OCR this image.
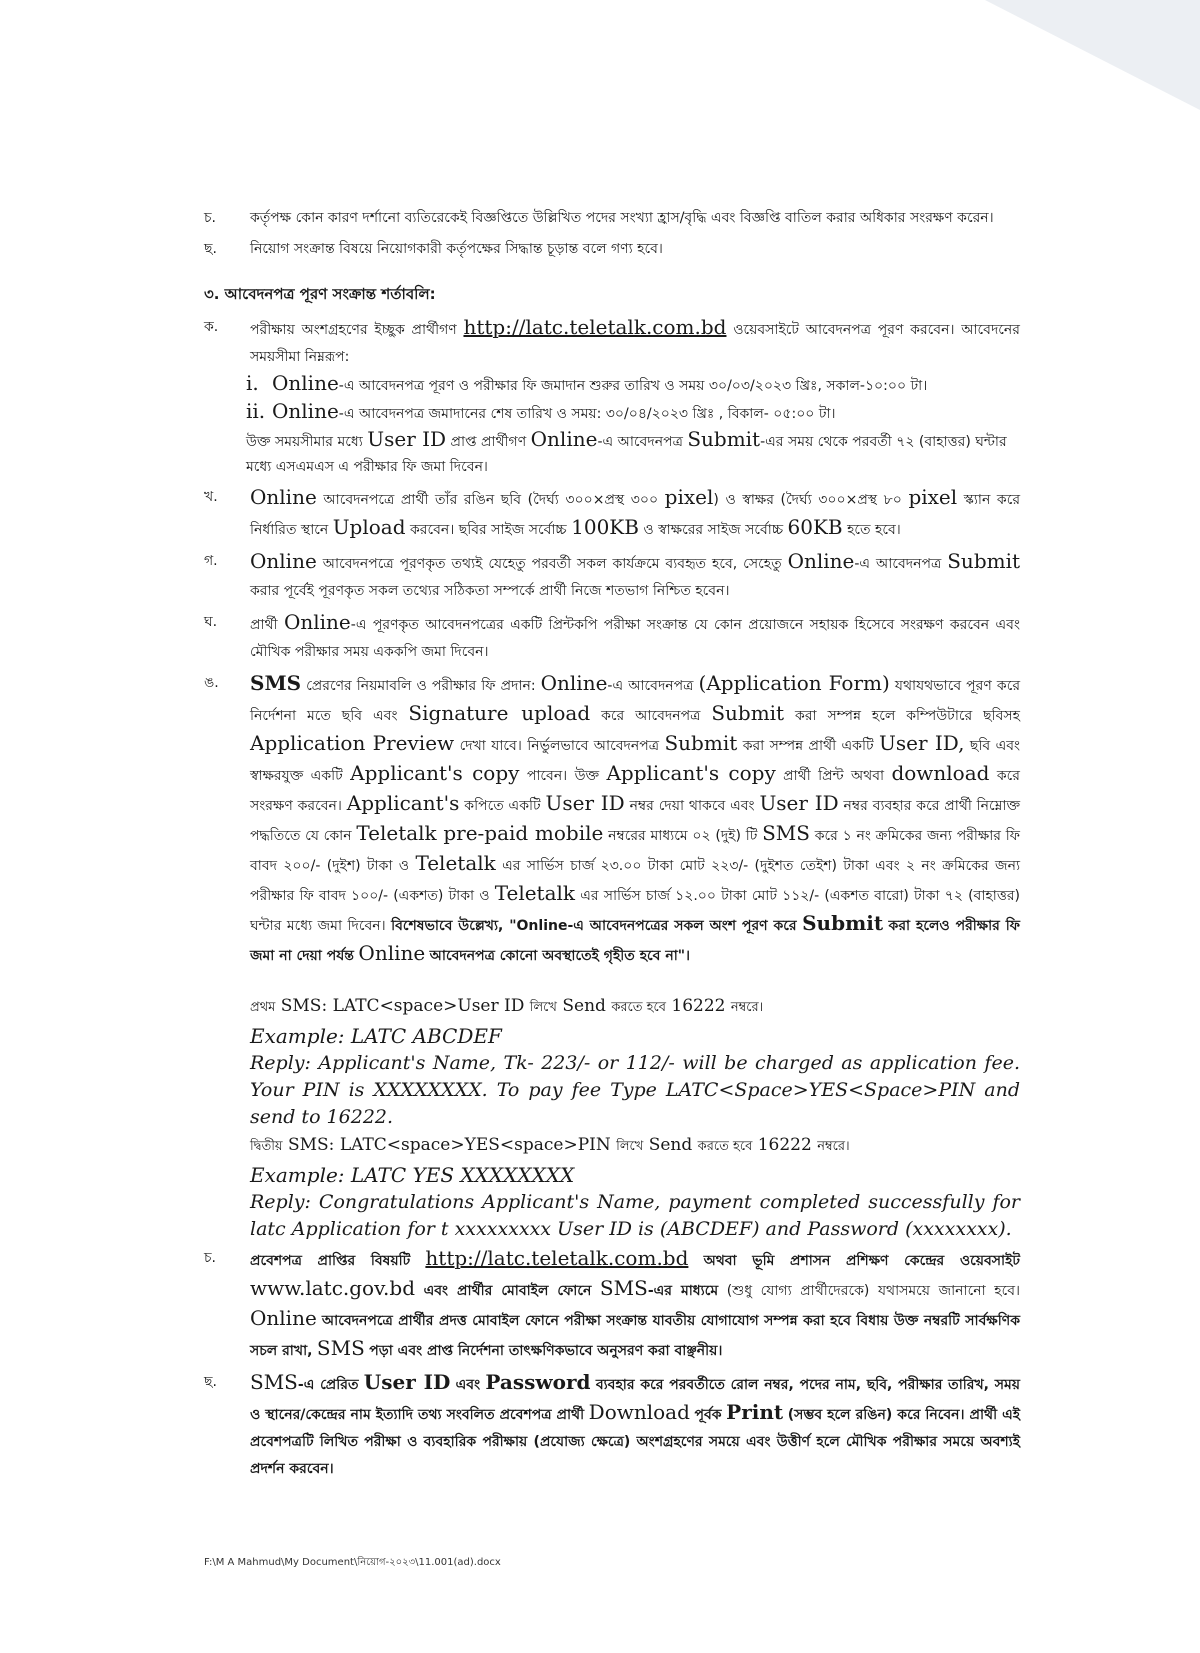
চ.	কর্তৃপক্ষ কোন কারণ দর্শানো ব্যতিরেকেই বিজ্ঞপ্তিতে উল্লিখিত পদের সংখ্যা হ্রাস/বৃদ্ধি এবং বিজ্ঞপ্তি বাতিল করার অধিকার সংরক্ষণ করেন।
ছ.	নিয়োগ সংক্রান্ত বিষয়ে নিয়োগকারী কর্তৃপক্ষের সিদ্ধান্ত চূড়ান্ত বলে গণ্য হবে।
৩. আবেদনপত্র পূরণ সংক্রান্ত শর্তাবলি:
ক.	পরীক্ষায় অংশগ্রহণের ইচ্ছুক প্রার্থীগণ http://latc.teletalk.com.bd ওয়েবসাইটে আবেদনপত্র পূরণ করবেন। আবেদনের সময়সীমা নিম্নরূপ:
i. Online-এ আবেদনপত্র পূরণ ও পরীক্ষার ফি জমাদান শুরুর তারিখ ও সময় ৩০/০৩/২০২৩ খ্রিঃ, সকাল-১০:০০ টা।
ii. Online-এ আবেদনপত্র জমাদানের শেষ তারিখ ও সময়: ৩০/০৪/২০২৩ খ্রিঃ , বিকাল- ০৫:০০ টা।
উক্ত সময়সীমার মধ্যে User ID প্রাপ্ত প্রার্থীগণ Online-এ আবেদনপত্র Submit-এর সময় থেকে পরবর্তী ৭২ (বাহাত্তর) ঘন্টার মধ্যে এসএমএস এ পরীক্ষার ফি জমা দিবেন।
খ.	Online আবেদনপত্রে প্রার্থী তাঁর রঙিন ছবি (দৈর্ঘ্য ৩০০×প্রস্থ ৩০০ pixel) ও স্বাক্ষর (দৈর্ঘ্য ৩০০×প্রস্থ ৮০ pixel স্ক্যান করে নির্ধারিত স্থানে Upload করবেন। ছবির সাইজ সর্বোচ্চ 100KB ও স্বাক্ষরের সাইজ সর্বোচ্চ 60KB হতে হবে।
গ.	Online আবেদনপত্রে পূরণকৃত তথ্যই যেহেতু পরবর্তী সকল কার্যক্রমে ব্যবহৃত হবে, সেহেতু Online-এ আবেদনপত্র Submit করার পূর্বেই পূরণকৃত সকল তথ্যের সঠিকতা সম্পর্কে প্রার্থী নিজে শতভাগ নিশ্চিত হবেন।
ঘ.	প্রার্থী Online-এ পূরণকৃত আবেদনপত্রের একটি প্রিন্টকপি পরীক্ষা সংক্রান্ত যে কোন প্রয়োজনে সহায়ক হিসেবে সংরক্ষণ করবেন এবং মৌখিক পরীক্ষার সময় এককপি জমা দিবেন।
ঙ.	SMS প্রেরণের নিয়মাবলি ও পরীক্ষার ফি প্রদান: Online-এ আবেদনপত্র (Application Form) যথাযথভাবে পূরণ করে নির্দেশনা মতে ছবি এবং Signature upload করে আবেদনপত্র Submit করা সম্পন্ন হলে কম্পিউটারে ছবিসহ Application Preview দেখা যাবে। নির্ভুলভাবে আবেদনপত্র Submit করা সম্পন্ন প্রার্থী একটি User ID, ছবি এবং স্বাক্ষরযুক্ত একটি Applicant's copy পাবেন। উক্ত Applicant's copy প্রার্থী প্রিন্ট অথবা download করে সংরক্ষণ করবেন। Applicant's কপিতে একটি User ID নম্বর দেয়া থাকবে এবং User ID নম্বর ব্যবহার করে প্রার্থী নিম্নোক্ত পদ্ধতিতে যে কোন Teletalk pre-paid mobile নম্বরের মাধ্যমে ০২ (দুই) টি SMS করে ১ নং ক্রমিকের জন্য পরীক্ষার ফি বাবদ ২০০/- (দুইশ) টাকা ও Teletalk এর সার্ভিস চার্জ ২৩.০০ টাকা মোট ২২৩/- (দুইশত তেইশ) টাকা এবং ২ নং ক্রমিকের জন্য পরীক্ষার ফি বাবদ ১০০/- (একশত) টাকা ও Teletalk এর সার্ভিস চার্জ ১২.০০ টাকা মোট ১১২/- (একশত বারো) টাকা ৭২ (বাহাত্তর) ঘন্টার মধ্যে জমা দিবেন। বিশেষভাবে উল্লেখ্য, "Online-এ আবেদনপত্রের সকল অংশ পূরণ করে Submit করা হলেও পরীক্ষার ফি জমা না দেয়া পর্যন্ত Online আবেদনপত্র কোনো অবস্থাতেই গৃহীত হবে না"।
প্রথম SMS: LATC<space>User ID লিখে Send করতে হবে 16222 নম্বরে।
Example: LATC ABCDEF
Reply: Applicant's Name, Tk- 223/- or 112/- will be charged as application fee. Your PIN is XXXXXXXX. To pay fee Type LATC<Space>YES<Space>PIN and send to 16222.
দ্বিতীয় SMS: LATC<space>YES<space>PIN লিখে Send করতে হবে 16222 নম্বরে।
Example: LATC YES XXXXXXXX
Reply: Congratulations Applicant's Name, payment completed successfully for latc Application for t xxxxxxxxx User ID is (ABCDEF) and Password (xxxxxxxx).
চ.	প্রবেশপত্র প্রাপ্তির বিষয়টি http://latc.teletalk.com.bd অথবা ভূমি প্রশাসন প্রশিক্ষণ কেন্দ্রের ওয়েবসাইট www.latc.gov.bd এবং প্রার্থীর মোবাইল ফোনে SMS-এর মাধ্যমে (শুধু যোগ্য প্রার্থীদেরকে) যথাসময়ে জানানো হবে। Online আবেদনপত্রে প্রার্থীর প্রদত্ত মোবাইল ফোনে পরীক্ষা সংক্রান্ত যাবতীয় যোগাযোগ সম্পন্ন করা হবে বিধায় উক্ত নম্বরটি সার্বক্ষণিক সচল রাখা, SMS পড়া এবং প্রাপ্ত নির্দেশনা তাৎক্ষণিকভাবে অনুসরণ করা বাঞ্ছনীয়।
ছ.	SMS-এ প্রেরিত User ID এবং Password ব্যবহার করে পরবর্তীতে রোল নম্বর, পদের নাম, ছবি, পরীক্ষার তারিখ, সময় ও স্থানের/কেন্দ্রের নাম ইত্যাদি তথ্য সংবলিত প্রবেশপত্র প্রার্থী Download পূর্বক Print (সম্ভব হলে রঙিন) করে নিবেন। প্রার্থী এই প্রবেশপত্রটি লিখিত পরীক্ষা ও ব্যবহারিক পরীক্ষায় (প্রযোজ্য ক্ষেত্রে) অংশগ্রহণের সময়ে এবং উত্তীর্ণ হলে মৌখিক পরীক্ষার সময়ে অবশ্যই প্রদর্শন করবেন।
F:\M A Mahmud\My Document\নিয়োগ-২০২৩\11.001(ad).docx
